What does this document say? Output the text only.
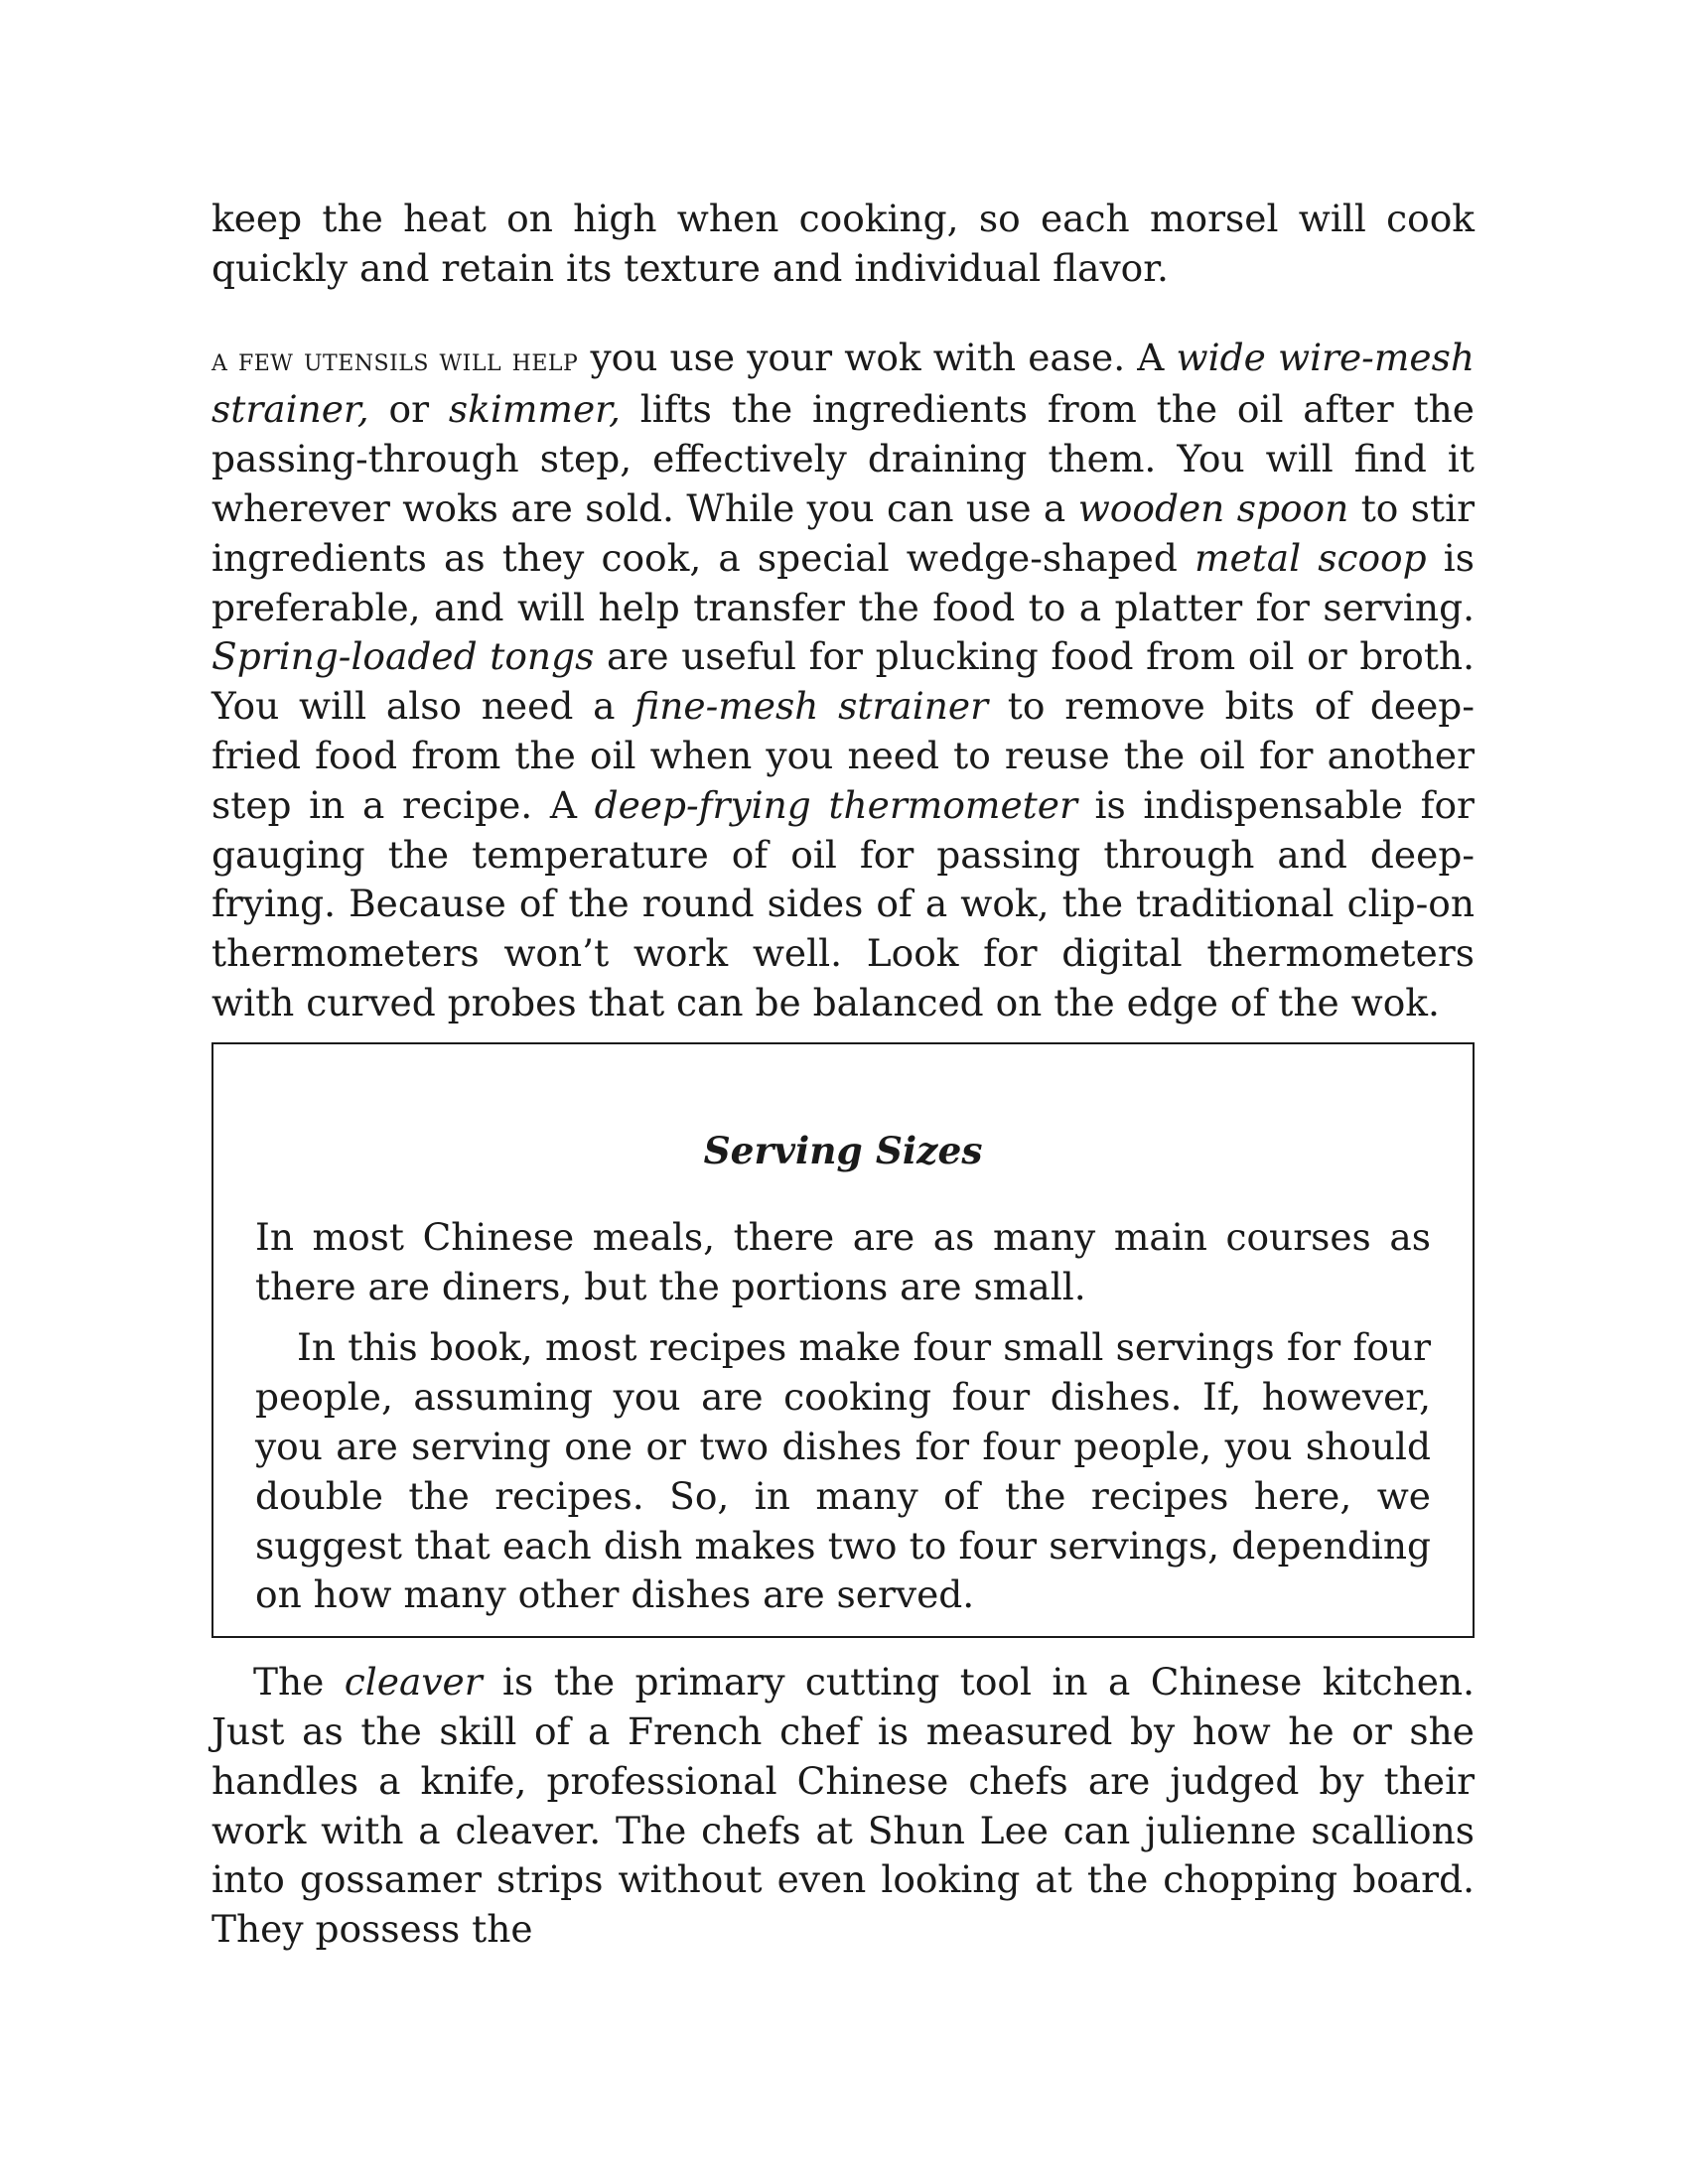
keep the heat on high when cooking, so each morsel will cook quickly and retain its texture and individual flavor.

a few utensils will help you use your wok with ease. A wide wire-mesh strainer, or skimmer, lifts the ingredients from the oil after the passing-through step, effectively draining them. You will find it wherever woks are sold. While you can use a wooden spoon to stir ingredients as they cook, a special wedge-shaped metal scoop is preferable, and will help transfer the food to a platter for serving. Spring-loaded tongs are useful for plucking food from oil or broth. You will also need a fine-mesh strainer to remove bits of deep-fried food from the oil when you need to reuse the oil for another step in a recipe. A deep-frying thermometer is indispensable for gauging the temperature of oil for passing through and deep-frying. Because of the round sides of a wok, the traditional clip-on thermometers won’t work well. Look for digital thermometers with curved probes that can be balanced on the edge of the wok.

Serving Sizes

In most Chinese meals, there are as many main courses as there are diners, but the portions are small.

In this book, most recipes make four small servings for four people, assuming you are cooking four dishes. If, however, you are serving one or two dishes for four people, you should double the recipes. So, in many of the recipes here, we suggest that each dish makes two to four servings, depending on how many other dishes are served.

The cleaver is the primary cutting tool in a Chinese kitchen. Just as the skill of a French chef is measured by how he or she handles a knife, professional Chinese chefs are judged by their work with a cleaver. The chefs at Shun Lee can julienne scallions into gossamer strips without even looking at the chopping board. They possess the
